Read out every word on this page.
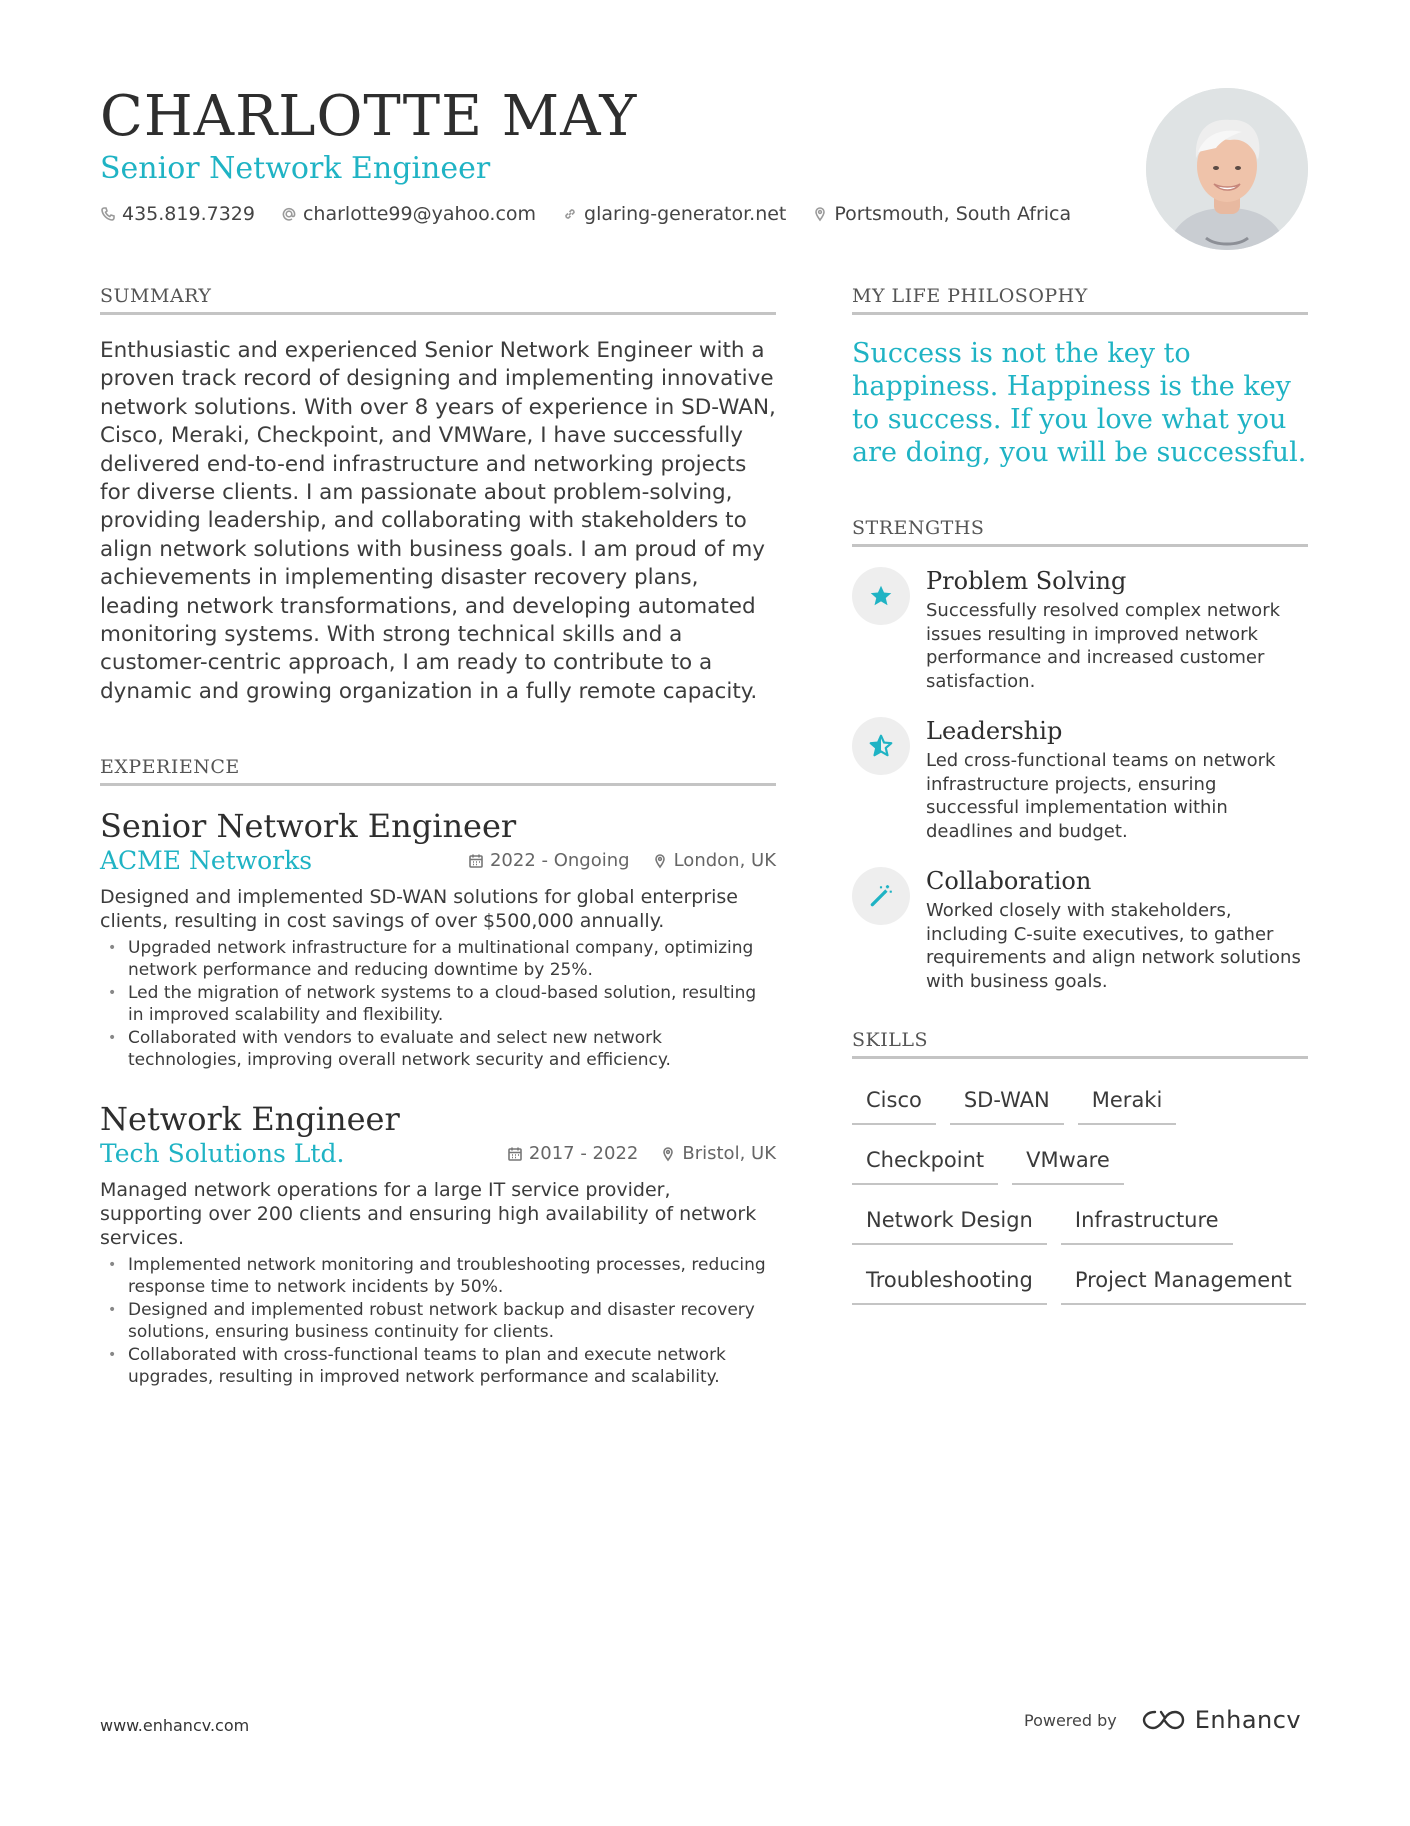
CHARLOTTE MAY
Senior Network Engineer
435.819.7329	charlotte99@yahoo.com	glaring-generator.net	Portsmouth, South Africa
SUMMARY

Enthusiastic and experienced Senior Network Engineer with a proven track record of designing and implementing innovative network solutions. With over 8 years of experience in SD-WAN, Cisco, Meraki, Checkpoint, and VMWare, I have successfully delivered end-to-end infrastructure and networking projects for diverse clients. I am passionate about problem-solving, providing leadership, and collaborating with stakeholders to align network solutions with business goals. I am proud of my achievements in implementing disaster recovery plans, leading network transformations, and developing automated monitoring systems. With strong technical skills and a customer-centric approach, I am ready to contribute to a dynamic and growing organization in a fully remote capacity.

EXPERIENCE
Senior Network Engineer
ACME Networks	2022 - Ongoing London, UK

Designed and implemented SD-WAN solutions for global enterprise clients, resulting in cost savings of over $500,000 annually.

• Upgraded network infrastructure for a multinational company, optimizing network performance and reducing downtime by 25%.
• Led the migration of network systems to a cloud-based solution, resulting in improved scalability and flexibility.
• Collaborated with vendors to evaluate and select new network technologies, improving overall network security and efficiency.
Network Engineer
Tech Solutions Ltd.	2017 - 2022 Bristol, UK

Managed network operations for a large IT service provider, supporting over 200 clients and ensuring high availability of network services.

• Implemented network monitoring and troubleshooting processes, reducing response time to network incidents by 50%.
• Designed and implemented robust network backup and disaster recovery solutions, ensuring business continuity for clients.
• Collaborated with cross-functional teams to plan and execute network upgrades, resulting in improved network performance and scalability.
MY LIFE PHILOSOPHY

Success is not the key to happiness. Happiness is the key to success. If you love what you are doing, you will be successful.

STRENGTHS
Problem Solving
Successfully resolved complex network issues resulting in improved network performance and increased customer satisfaction.
Leadership
Led cross-functional teams on network infrastructure projects, ensuring successful implementation within deadlines and budget.
Collaboration
Worked closely with stakeholders, including C-suite executives, to gather requirements and align network solutions with business goals.
SKILLS
Cisco	SD-WAN	Meraki
Checkpoint	VMware
Network Design	Infrastructure
Troubleshooting	Project Management
www.enhancv.com	Powered by	Enhancv
